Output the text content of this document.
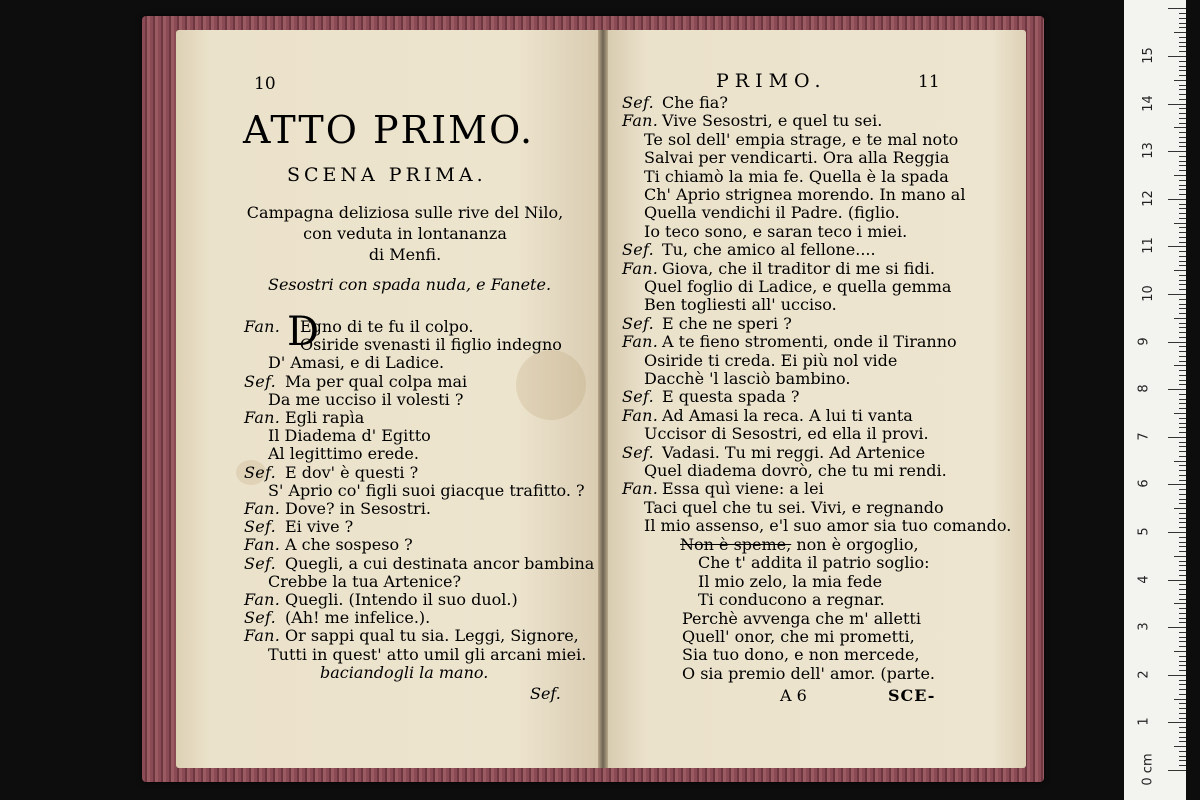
10
ATTO PRIMO.
SCENA PRIMA.
Campagna deliziosa sulle rive del Nilo,
con veduta in lontananza
di Menfi.
Sesostri con spada nuda, e Fanete.
D
Fan. Egno di te fu il colpo.
Osiride svenasti il figlio indegno
D' Amasi, e di Ladice.
Sef. Ma per qual colpa mai
Da me ucciso il volesti ?
Fan. Egli rapìa
Il Diadema d' Egitto
Al legittimo erede.
Sef. E dov' è questi ?
S' Aprio co' figli suoi giacque trafitto. ?
Fan. Dove? in Sesostri.
Sef. Ei vive ?
Fan. A che sospeso ?
Sef. Quegli, a cui destinata ancor bambina
Crebbe la tua Artenice?
Fan. Quegli. (Intendo il suo duol.)
Sef. (Ah! me infelice.).
Fan. Or sappi qual tu sia. Leggi, Signore,
Tutti in quest' atto umil gli arcani miei.
baciandogli la mano.
Sef.
PRIMO.	11
Sef. Che fia?
Fan. Vive Sesostri, e quel tu sei.
Te sol dell' empia strage, e te mal noto
Salvai per vendicarti. Ora alla Reggia
Ti chiamò la mia fe. Quella è la spada
Ch' Aprio strignea morendo. In mano al
Quella vendichi il Padre. (figlio.
Io teco sono, e saran teco i miei.
Sef. Tu, che amico al fellone....
Fan. Giova, che il traditor di me si fidi.
Quel foglio di Ladice, e quella gemma
Ben togliesti all' ucciso.
Sef. E che ne speri ?
Fan. A te fieno stromenti, onde il Tiranno
Osiride ti creda. Ei più nol vide
Dacchè 'l lasciò bambino.
Sef. E questa spada ?
Fan. Ad Amasi la reca. A lui ti vanta
Uccisor di Sesostri, ed ella il provi.
Sef. Vadasi. Tu mi reggi. Ad Artenice
Quel diadema dovrò, che tu mi rendi.
Fan. Essa quì viene: a lei
Taci quel che tu sei. Vivi, e regnando
Il mio assenso, e'l suo amor sia tuo comando.
Non è speme, non è orgoglio,
Che t' addita il patrio soglio:
Il mio zelo, la mia fede
Ti conducono a regnar.
Perchè avvenga che m' alletti
Quell' onor, che mi prometti,
Sia tuo dono, e non mercede,
O sia premio dell' amor. (parte.
A 6	SCE-
0 cm
1
2
3
4
5
6
7
8
9
10
11
12
13
14
15
